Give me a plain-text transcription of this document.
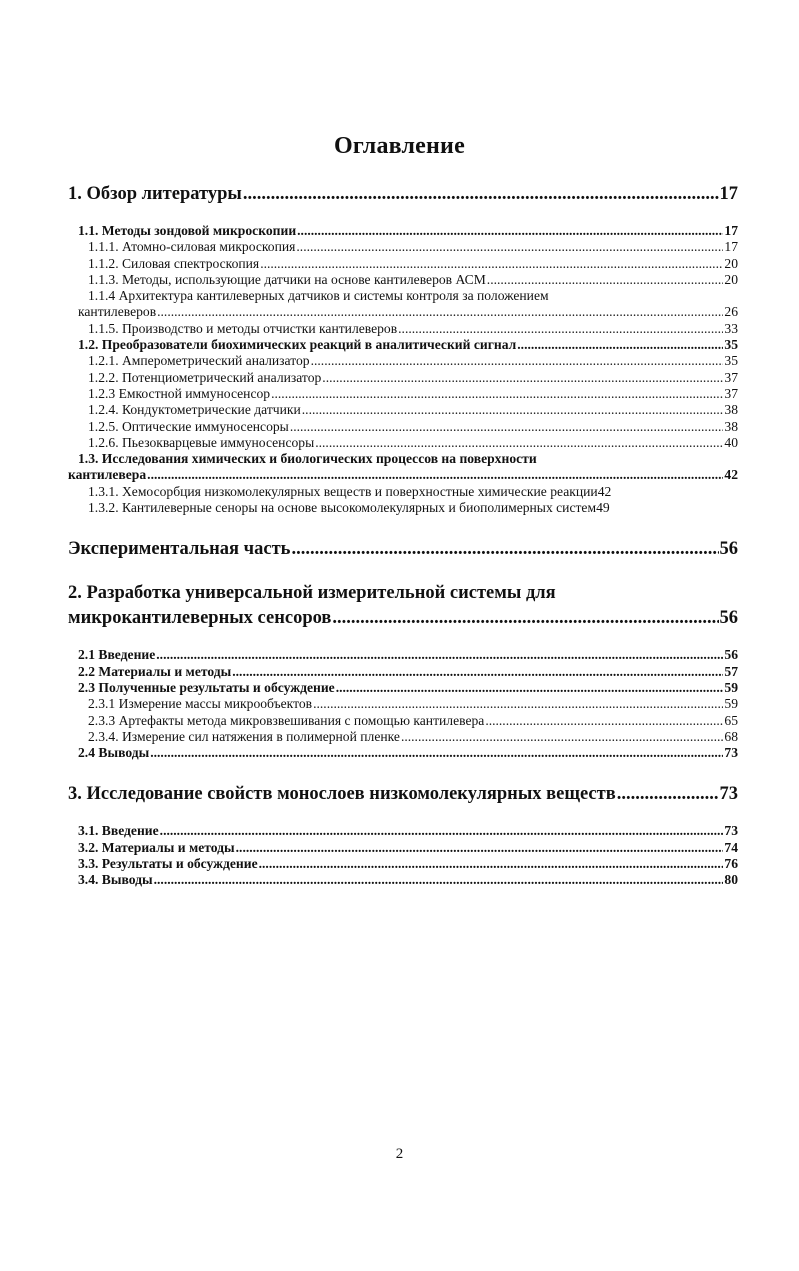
Оглавление
1. Обзор литературы .....	17
1.1. Методы зондовой микроскопии .....	17
1.1.1. Атомно-силовая микроскопия .....	17
1.1.2. Силовая спектроскопия .....	20
1.1.3. Методы, использующие датчики на основе кантилеверов АСМ .....	20
1.1.4 Архитектура кантилеверных датчиков и системы контроля за положением
кантилеверов .....	26
1.1.5. Производство и методы отчистки кантилеверов .....	33
1.2. Преобразователи биохимических реакций в аналитический сигнал .....	35
1.2.1. Амперометрический анализатор .....	35
1.2.2. Потенциометрический анализатор .....	37
1.2.3 Емкостной иммуносенсор .....	37
1.2.4. Кондуктометрические датчики .....	38
1.2.5. Оптические иммуносенсоры .....	38
1.2.6. Пьезокварцевые иммуносенсоры .....	40
1.3. Исследования химических и биологических процессов на поверхности
кантилевера .....	42
1.3.1. Хемосорбция низкомолекулярных веществ и поверхностные химические реакции 42
1.3.2. Кантилеверные сеноры на основе высокомолекулярных и биополимерных систем 49
Экспериментальная часть .....	56
2. Разработка универсальной измерительной системы для
микрокантилеверных сенсоров .....	56
2.1 Введение .....	56
2.2 Материалы и методы .....	57
2.3 Полученные результаты и обсуждение .....	59
2.3.1 Измерение массы микрообъектов .....	59
2.3.3 Артефакты метода микровзвешивания с помощью кантилевера .....	65
2.3.4. Измерение сил натяжения в полимерной пленке .....	68
2.4 Выводы .....	73
3. Исследование свойств монослоев низкомолекулярных веществ .....	73
3.1. Введение .....	73
3.2. Материалы и методы .....	74
3.3. Результаты и обсуждение .....	76
3.4. Выводы .....	80
2
